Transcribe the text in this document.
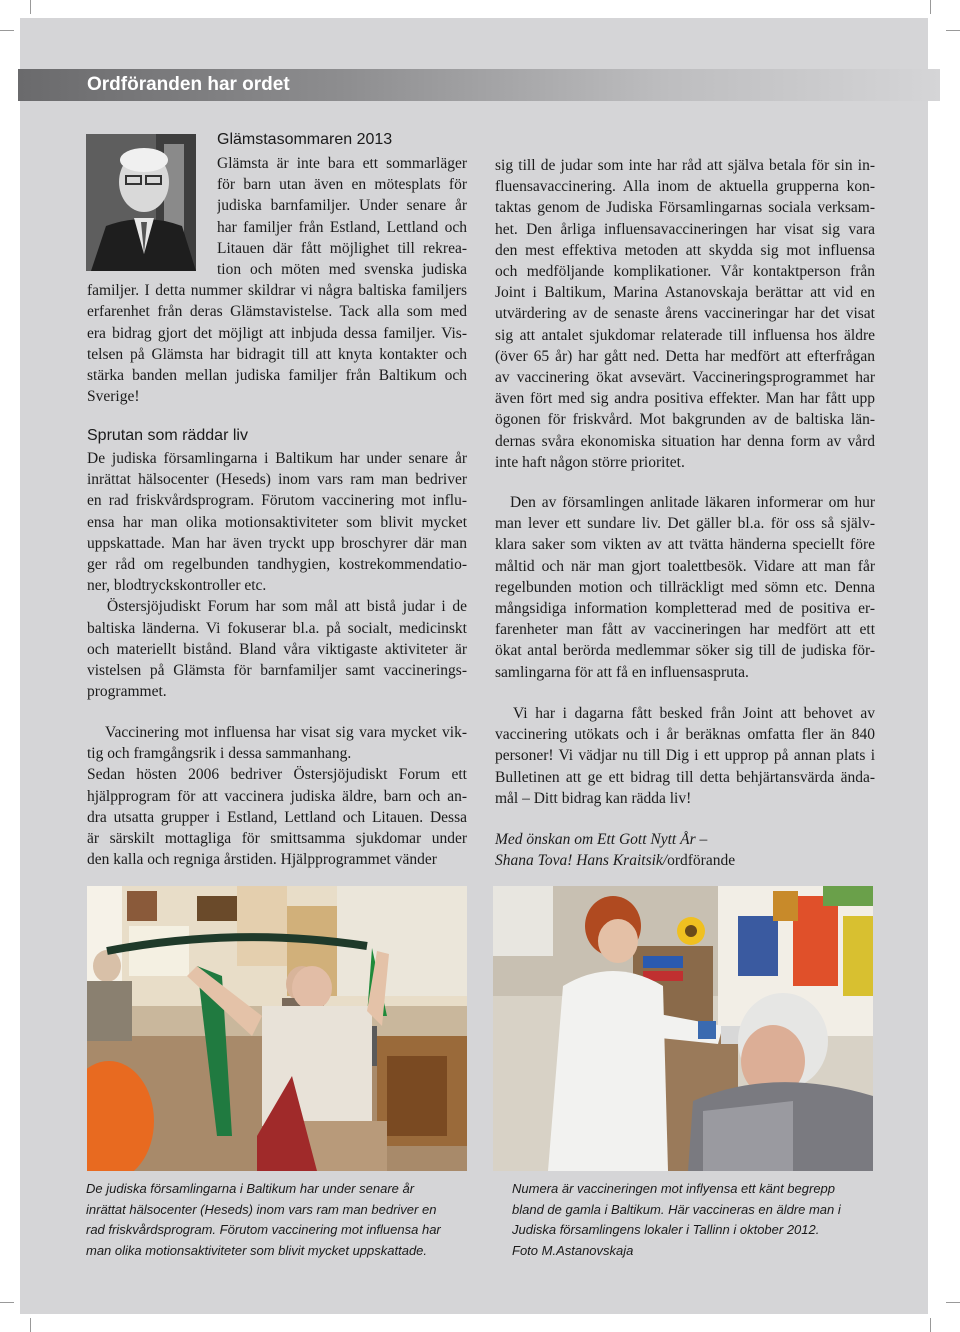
Ordföranden har ordet
Glämstasommaren 2013
Glämsta är inte bara ett sommarläger
för barn utan även en mötesplats för
judiska barnfamiljer. Under senare år
har familjer från Estland, Lettland och
Litauen där fått möjlighet till rekrea-
tion och möten med svenska judiska
familjer. I detta nummer skildrar vi några baltiska familjers
erfarenhet från deras Glämstavistelse. Tack alla som med
era bidrag gjort det möjligt att inbjuda dessa familjer. Vis-
telsen på Glämsta har bidragit till att knyta kontakter och
stärka banden mellan judiska familjer från Baltikum och
Sverige!
Sprutan som räddar liv
De judiska församlingarna i Baltikum har under senare år
inrättat hälsocenter (Heseds) inom vars ram man bedriver
en rad friskvårdsprogram. Förutom vaccinering mot influ-
ensa har man olika motionsaktiviteter som blivit mycket
uppskattade. Man har även tryckt upp broschyrer där man
ger råd om regelbunden tandhygien, kostrekommendatio-
ner, blodtryckskontroller etc.
Östersjöjudiskt Forum har som mål att bistå judar i de
baltiska länderna. Vi fokuserar bl.a. på socialt, medicinskt
och materiellt bistånd. Bland våra viktigaste aktiviteter är
vistelsen på Glämsta för barnfamiljer samt vaccinerings-
programmet.
Vaccinering mot influensa har visat sig vara mycket vik-
tig och framgångsrik i dessa sammanhang.
Sedan hösten 2006 bedriver Östersjöjudiskt Forum ett
hjälpprogram för att vaccinera judiska äldre, barn och an-
dra utsatta grupper i Estland, Lettland och Litauen. Dessa
är särskilt mottagliga för smittsamma sjukdomar under
den kalla och regniga årstiden. Hjälpprogrammet vänder
sig till de judar som inte har råd att själva betala för sin in-
fluensavaccinering. Alla inom de aktuella grupperna kon-
taktas genom de Judiska Församlingarnas sociala verksam-
het. Den årliga influensavaccineringen har visat sig vara
den mest effektiva metoden att skydda sig mot influensa
och medföljande komplikationer. Vår kontaktperson från
Joint i Baltikum, Marina Astanovskaja berättar att vid en
utvärdering av de senaste årens vaccineringar har det visat
sig att antalet sjukdomar relaterade till influensa hos äldre
(över 65 år) har gått ned. Detta har medfört att efterfrågan
av vaccinering ökat avsevärt. Vaccineringsprogrammet har
även fört med sig andra positiva effekter. Man har fått upp
ögonen för friskvård. Mot bakgrunden av de baltiska län-
dernas svåra ekonomiska situation har denna form av vård
inte haft någon större prioritet.
Den av församlingen anlitade läkaren informerar om hur
man lever ett sundare liv. Det gäller bl.a. för oss så själv-
klara saker som vikten av att tvätta händerna speciellt före
måltid och när man gjort toalettbesök. Vidare att man får
regelbunden motion och tillräckligt med sömn etc. Denna
mångsidiga information kompletterad med de positiva er-
farenheter man fått av vaccineringen har medfört att ett
ökat antal berörda medlemmar söker sig till de judiska för-
samlingarna för att få en influensaspruta.
Vi har i dagarna fått besked från Joint att behovet av
vaccinering utökats och i år beräknas omfatta fler än 840
personer! Vi vädjar nu till Dig i ett upprop på annan plats i
Bulletinen att ge ett bidrag till detta behjärtansvärda ända-
mål – Ditt bidrag kan rädda liv!
Med önskan om Ett Gott Nytt År –
Shana Tova! Hans Kraitsik/ordförande
De judiska församlingarna i Baltikum har under senare år
inrättat hälsocenter (Heseds) inom vars ram man bedriver en
rad friskvårdsprogram. Förutom vaccinering mot influensa har
man olika motionsaktiviteter som blivit mycket uppskattade.
Numera är vaccineringen mot inflyensa ett känt begrepp
bland de gamla i Baltikum. Här vaccineras en äldre man i
Judiska församlingens lokaler i Tallinn i oktober 2012.
Foto M.Astanovskaja
